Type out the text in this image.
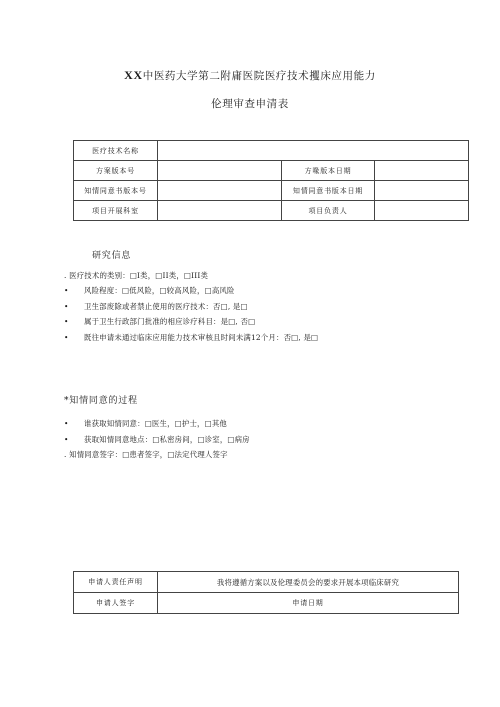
XX中医药大学第二附庸医院医疗技术攫床应用能力
伦理审查申清表
医疗技术名称			
方案版本号		方喙版本日期	
知情同意书版本号		知情同意书版本日期	
项目开展科室		项目负责人	
研究信息
. 医疗技术的类别：□I类，□II类，□III类
• 风险程度：□低风险，□较高风险，□高风险
• 卫生部废除或者禁止使用的医疗技术：否□, 是□
• 属于卫生行政部门批准的相应诊疗科目：是□, 否□
• 既往申请未通过临床应用能力技术审核且时间未满12个月：否□, 是□
*知情同意的过程
• 谁获取知情同意：□医生，□护士，□其他
• 获取知情同意地点：□私密房间，□诊室，□病房
. 知情同意签字：□患者签字，□法定代理人签字
申请人责任声明	我将遵循方案以及伦理委员会的要求开展本项临床研究
申请人签字	申请日期
